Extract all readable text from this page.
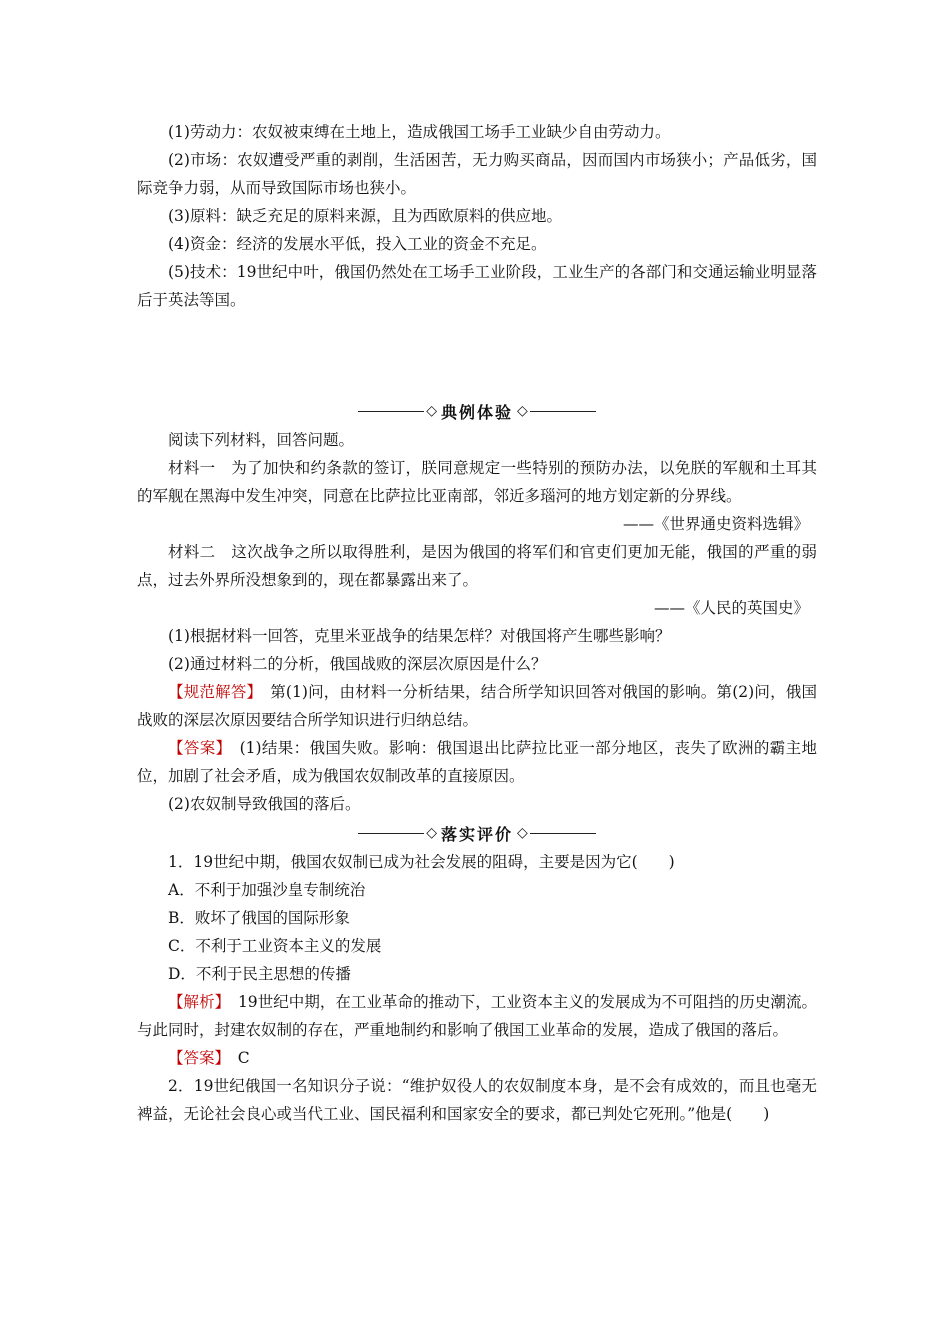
(1)劳动力：农奴被束缚在土地上，造成俄国工场手工业缺少自由劳动力。

(2)市场：农奴遭受严重的剥削，生活困苦，无力购买商品，因而国内市场狭小；产品低劣，国际竞争力弱，从而导致国际市场也狭小。

(3)原料：缺乏充足的原料来源，且为西欧原料的供应地。

(4)资金：经济的发展水平低，投入工业的资金不充足。

(5)技术：19世纪中叶，俄国仍然处在工场手工业阶段，工业生产的各部门和交通运输业明显落后于英法等国。

◇ 典例体验 ◇

阅读下列材料，回答问题。

材料一　为了加快和约条款的签订，朕同意规定一些特别的预防办法，以免朕的军舰和土耳其的军舰在黑海中发生冲突，同意在比萨拉比亚南部，邻近多瑙河的地方划定新的分界线。

——《世界通史资料选辑》

材料二　这次战争之所以取得胜利，是因为俄国的将军们和官吏们更加无能，俄国的严重的弱点，过去外界所没想象到的，现在都暴露出来了。

——《人民的英国史》

(1)根据材料一回答，克里米亚战争的结果怎样？对俄国将产生哪些影响？

(2)通过材料二的分析，俄国战败的深层次原因是什么？

【规范解答】　第(1)问，由材料一分析结果，结合所学知识回答对俄国的影响。第(2)问，俄国战败的深层次原因要结合所学知识进行归纳总结。

【答案】　(1)结果：俄国失败。影响：俄国退出比萨拉比亚一部分地区，丧失了欧洲的霸主地位，加剧了社会矛盾，成为俄国农奴制改革的直接原因。

(2)农奴制导致俄国的落后。

◇ 落实评价 ◇

1．19世纪中期，俄国农奴制已成为社会发展的阻碍，主要是因为它(　　)

A．不利于加强沙皇专制统治

B．败坏了俄国的国际形象

C．不利于工业资本主义的发展

D．不利于民主思想的传播

【解析】　19世纪中期，在工业革命的推动下，工业资本主义的发展成为不可阻挡的历史潮流。与此同时，封建农奴制的存在，严重地制约和影响了俄国工业革命的发展，造成了俄国的落后。

【答案】　C

2．19世纪俄国一名知识分子说：“维护奴役人的农奴制度本身，是不会有成效的，而且也毫无裨益，无论社会良心或当代工业、国民福利和国家安全的要求，都已判处它死刑。”他是(　　)
